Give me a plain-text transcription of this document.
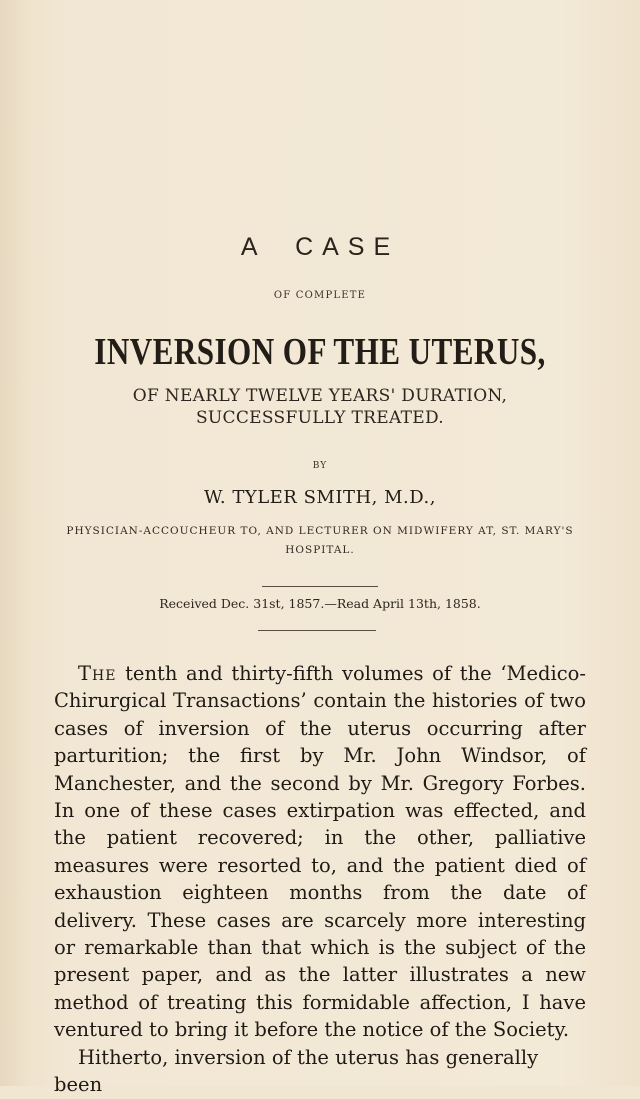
A CASE
OF COMPLETE
INVERSION OF THE UTERUS,
OF NEARLY TWELVE YEARS' DURATION, SUCCESSFULLY TREATED.
BY
W. TYLER SMITH, M.D.,
PHYSICIAN-ACCOUCHEUR TO, AND LECTURER ON MIDWIFERY AT, ST. MARY'S HOSPITAL.
Received Dec. 31st, 1857.—Read April 13th, 1858.

The tenth and thirty-fifth volumes of the ‘Medico-Chirurgical Transactions’ contain the histories of two cases of inversion of the uterus occurring after parturition; the first by Mr. John Windsor, of Manchester, and the second by Mr. Gregory Forbes. In one of these cases extirpation was effected, and the patient recovered; in the other, palliative measures were resorted to, and the patient died of exhaustion eighteen months from the date of delivery. These cases are scarcely more interesting or remarkable than that which is the subject of the present paper, and as the latter illustrates a new method of treating this formidable affection, I have ventured to bring it before the notice of the Society.

Hitherto, inversion of the uterus has generally been
